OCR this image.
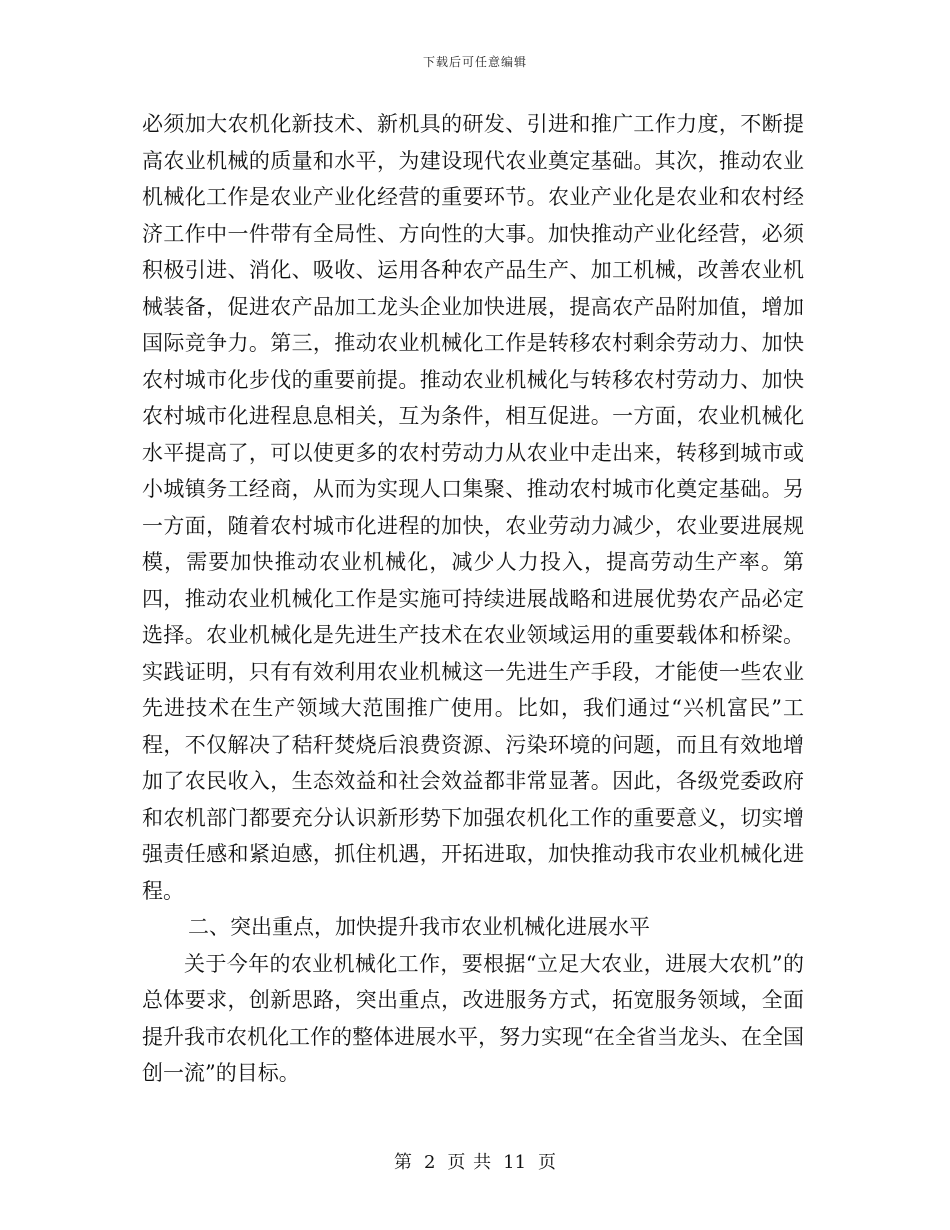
下载后可任意编辑

必须加大农机化新技术、新机具的研发、引进和推广工作力度，不断提高农业机械的质量和水平，为建设现代农业奠定基础。其次，推动农业机械化工作是农业产业化经营的重要环节。农业产业化是农业和农村经济工作中一件带有全局性、方向性的大事。加快推动产业化经营，必须积极引进、消化、吸收、运用各种农产品生产、加工机械，改善农业机械装备，促进农产品加工龙头企业加快进展，提高农产品附加值，增加国际竞争力。第三，推动农业机械化工作是转移农村剩余劳动力、加快农村城市化步伐的重要前提。推动农业机械化与转移农村劳动力、加快农村城市化进程息息相关，互为条件，相互促进。一方面，农业机械化水平提高了，可以使更多的农村劳动力从农业中走出来，转移到城市或小城镇务工经商，从而为实现人口集聚、推动农村城市化奠定基础。另一方面，随着农村城市化进程的加快，农业劳动力减少，农业要进展规模，需要加快推动农业机械化，减少人力投入，提高劳动生产率。第四，推动农业机械化工作是实施可持续进展战略和进展优势农产品必定选择。农业机械化是先进生产技术在农业领域运用的重要载体和桥梁。实践证明，只有有效利用农业机械这一先进生产手段，才能使一些农业先进技术在生产领域大范围推广使用。比如，我们通过“兴机富民”工程，不仅解决了秸秆焚烧后浪费资源、污染环境的问题，而且有效地增加了农民收入，生态效益和社会效益都非常显著。因此，各级党委政府和农机部门都要充分认识新形势下加强农机化工作的重要意义，切实增强责任感和紧迫感，抓住机遇，开拓进取，加快推动我市农业机械化进程。

二、突出重点，加快提升我市农业机械化进展水平

关于今年的农业机械化工作，要根据“立足大农业，进展大农机”的总体要求，创新思路，突出重点，改进服务方式，拓宽服务领域，全面提升我市农机化工作的整体进展水平，努力实现“在全省当龙头、在全国创一流”的目标。

第 2 页 共 11 页
